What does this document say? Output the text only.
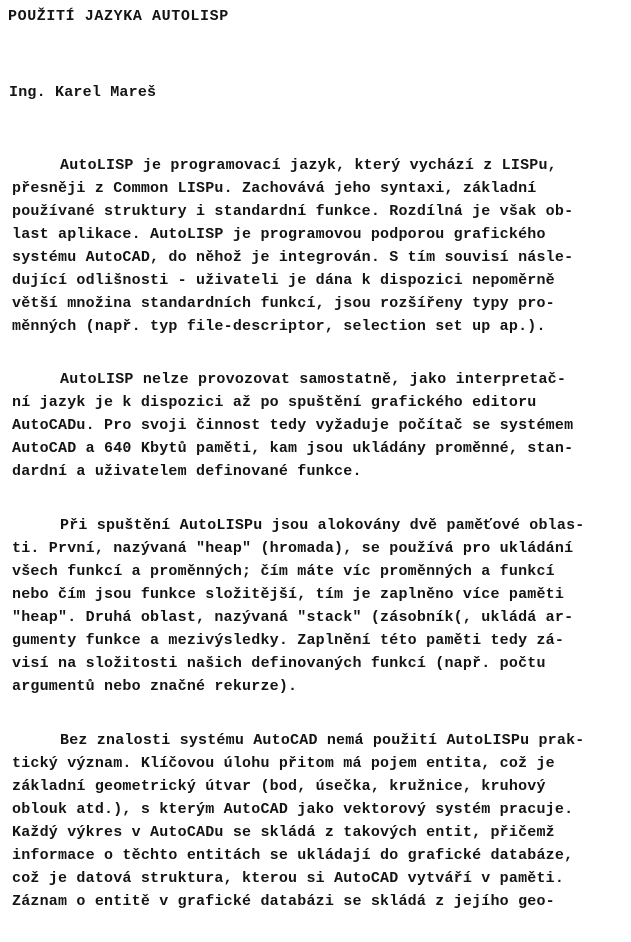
POUŽITÍ JAZYKA AUTOLISP

Ing. Karel Mareš

AutoLISP je programovací jazyk, který vychází z LISPu,

přesněji z Common LISPu. Zachovává jeho syntaxi, základní

používané struktury i standardní funkce. Rozdílná je však ob-

last aplikace. AutoLISP je programovou podporou grafického

systému AutoCAD, do něhož je integrován. S tím souvisí násle-

dující odlišnosti - uživateli je dána k dispozici nepoměrně

větší množina standardních funkcí, jsou rozšířeny typy pro-

měnných (např. typ file-descriptor, selection set up ap.).

AutoLISP nelze provozovat samostatně, jako interpretač-

ní jazyk je k dispozici až po spuštění grafického editoru

AutoCADu. Pro svoji činnost tedy vyžaduje počítač se systémem

AutoCAD a 640 Kbytů paměti, kam jsou ukládány proměnné, stan-

dardní a uživatelem definované funkce.

Při spuštění AutoLISPu jsou alokovány dvě paměťové oblas-

ti. První, nazývaná "heap" (hromada), se používá pro ukládání

všech funkcí a proměnných; čím máte víc proměnných a funkcí

nebo čím jsou funkce složitější, tím je zaplněno více paměti

"heap". Druhá oblast, nazývaná "stack" (zásobník(, ukládá ar-

gumenty funkce a mezivýsledky. Zaplnění této paměti tedy zá-

visí na složitosti našich definovaných funkcí (např. počtu

argumentů nebo značné rekurze).

Bez znalosti systému AutoCAD nemá použití AutoLISPu prak-

tický význam. Klíčovou úlohu přitom má pojem entita, což je

základní geometrický útvar (bod, úsečka, kružnice, kruhový

oblouk atd.), s kterým AutoCAD jako vektorový systém pracuje.

Každý výkres v AutoCADu se skládá z takových entit, přičemž

informace o těchto entitách se ukládají do grafické databáze,

což je datová struktura, kterou si AutoCAD vytváří v paměti.

Záznam o entitě v grafické databázi se skládá z jejího geo-
